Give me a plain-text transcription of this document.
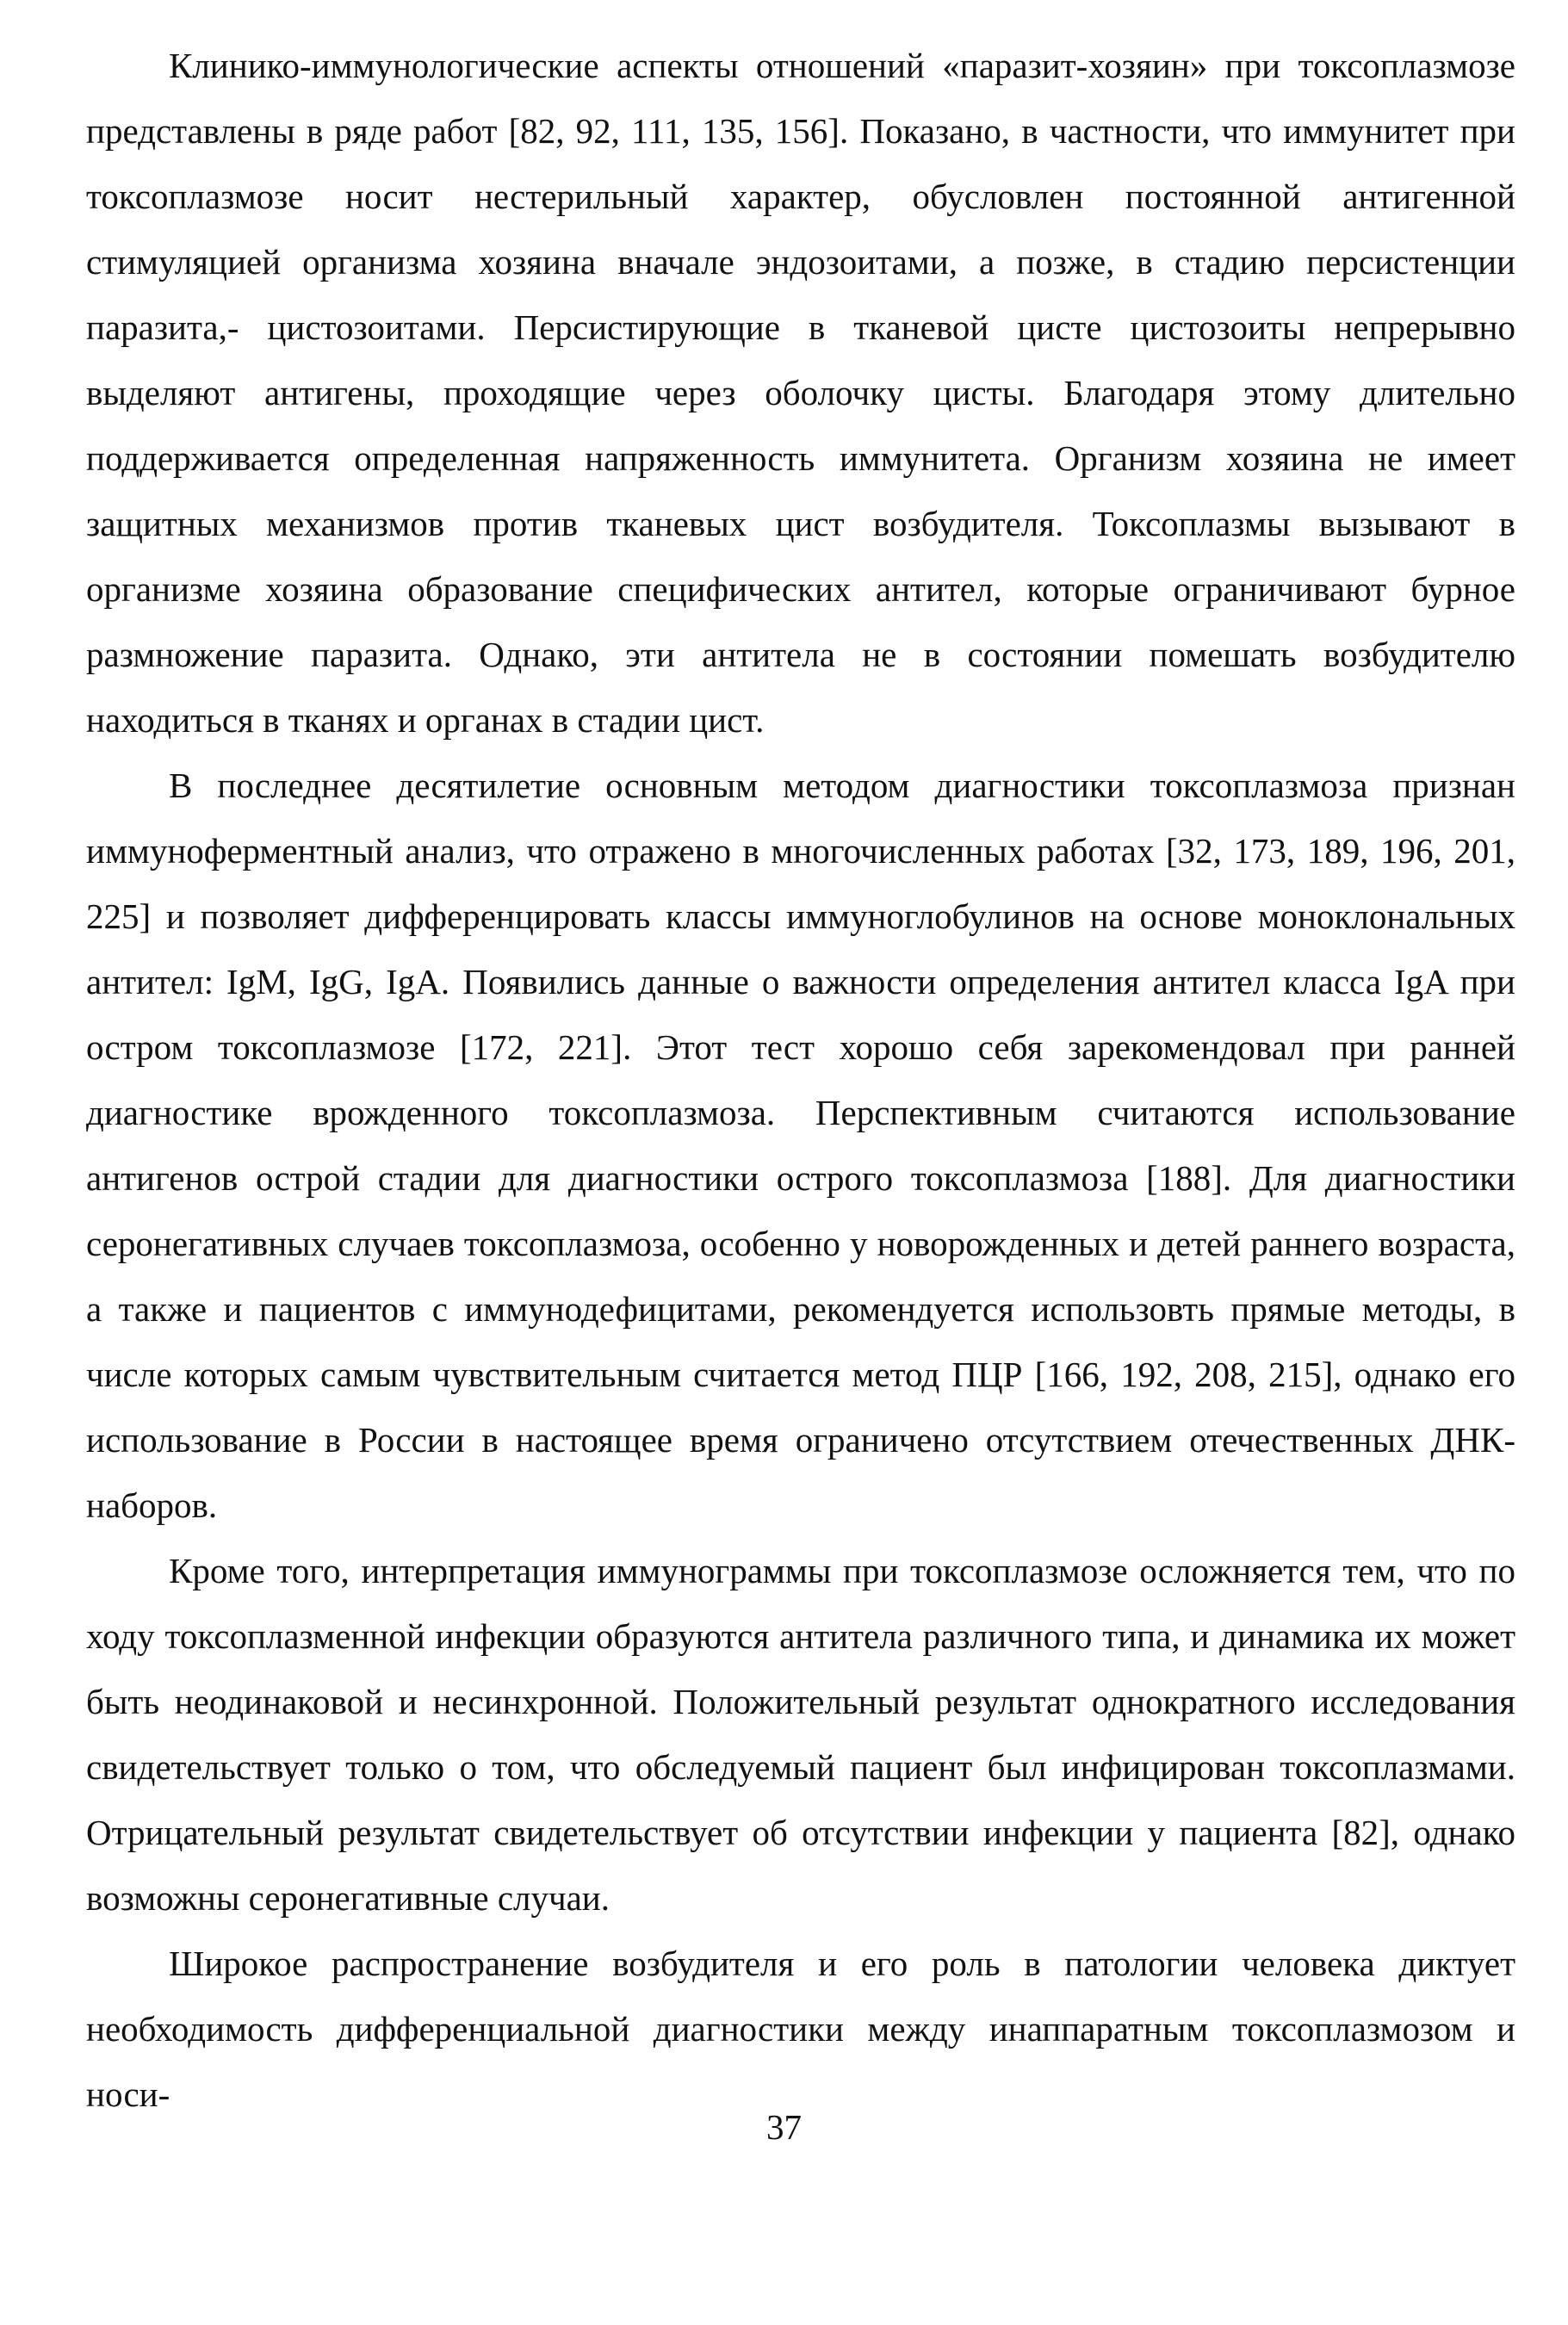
Клинико-иммунологические аспекты отношений «паразит-хозяин» при токсоплазмозе представлены в ряде работ [82, 92, 111, 135, 156]. Показано, в частности, что иммунитет при токсоплазмозе носит нестерильный характер, обусловлен постоянной антигенной стимуляцией организма хозяина вначале эндозоитами, а позже, в стадию персистенции паразита,- цистозоитами. Персистирующие в тканевой цисте цистозоиты непрерывно выделяют антигены, проходящие через оболочку цисты. Благодаря этому длительно поддерживается определенная напряженность иммунитета. Организм хозяина не имеет защитных механизмов против тканевых цист возбудителя. Токсоплазмы вызывают в организме хозяина образование специфических антител, которые ограничивают бурное размножение паразита. Однако, эти антитела не в состоянии помешать возбудителю находиться в тканях и органах в стадии цист.

В последнее десятилетие основным методом диагностики токсоплазмоза признан иммуноферментный анализ, что отражено в многочисленных работах [32, 173, 189, 196, 201, 225] и позволяет дифференцировать классы иммуноглобулинов на основе моноклональных антител: IgM, IgG, IgA. Появились данные о важности определения антител класса IgA при остром токсоплазмозе [172, 221]. Этот тест хорошо себя зарекомендовал при ранней диагностике врожденного токсоплазмоза. Перспективным считаются использование антигенов острой стадии для диагностики острого токсоплазмоза [188]. Для диагностики серонегативных случаев токсоплазмоза, особенно у новорожденных и детей раннего возраста, а также и пациентов с иммунодефицитами, рекомендуется использовть прямые методы, в числе которых самым чувствительным считается метод ПЦР [166, 192, 208, 215], однако его использование в России в настоящее время ограничено отсутствием отечественных ДНК-наборов.

Кроме того, интерпретация иммунограммы при токсоплазмозе осложняется тем, что по ходу токсоплазменной инфекции образуются антитела различного типа, и динамика их может быть неодинаковой и несинхронной. Положительный результат однократного исследования свидетельствует только о том, что обследуемый пациент был инфицирован токсоплазмами. Отрицательный результат свидетельствует об отсутствии инфекции у пациента [82], однако возможны серонегативные случаи.

Широкое распространение возбудителя и его роль в патологии человека диктует необходимость дифференциальной диагностики между инаппаратным токсоплазмозом и носи-

37
